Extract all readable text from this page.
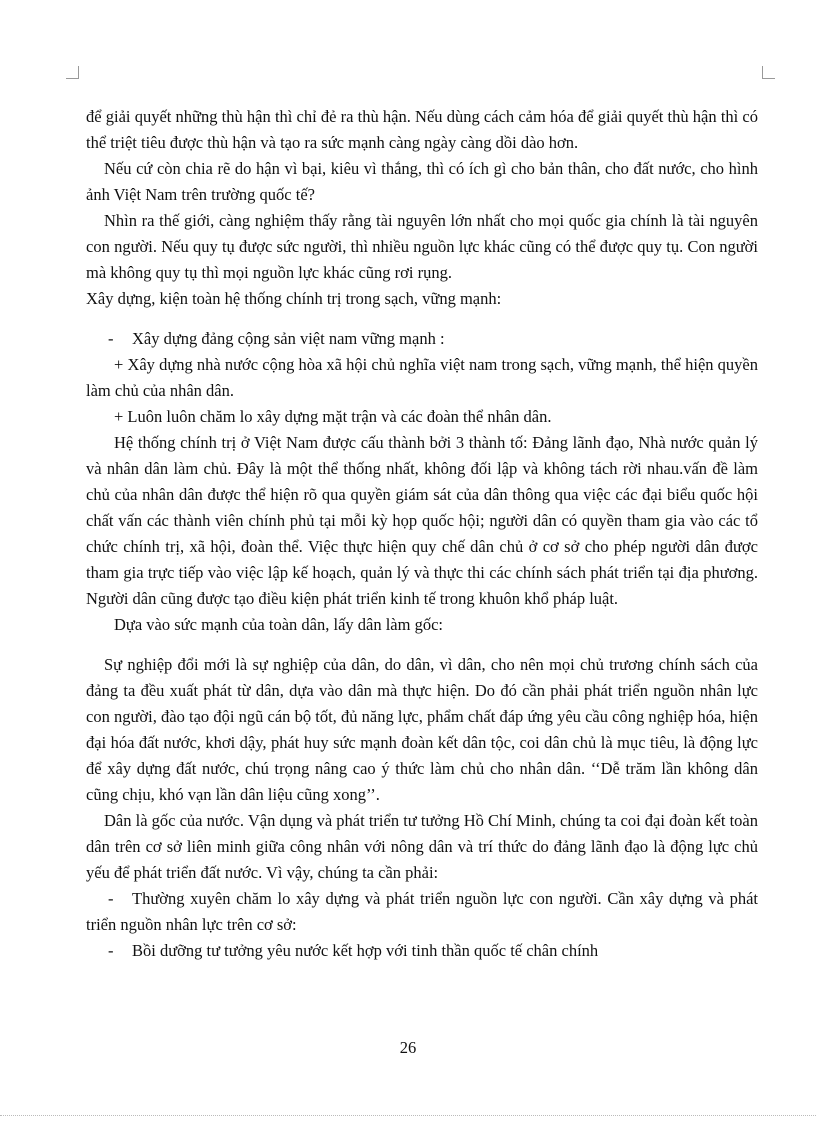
để giải quyết những thù hận thì chỉ đẻ ra thù hận. Nếu dùng cách cảm hóa để giải quyết thù hận thì có thể triệt tiêu được thù hận và tạo ra sức mạnh càng ngày càng dồi dào hơn.

Nếu cứ còn chia rẽ do hận vì bại, kiêu vì thắng, thì có ích gì cho bản thân, cho đất nước, cho hình ảnh Việt Nam trên trường quốc tế?

Nhìn ra thế giới, càng nghiệm thấy rằng tài nguyên lớn nhất cho mọi quốc gia chính là tài nguyên con người. Nếu quy tụ được sức người, thì nhiều nguồn lực khác cũng có thể được quy tụ. Con người mà không quy tụ thì mọi nguồn lực khác cũng rơi rụng.

Xây dựng, kiện toàn hệ thống chính trị trong sạch, vững mạnh:

- Xây dựng đảng cộng sản việt nam vững mạnh :

+ Xây dựng nhà nước cộng hòa xã hội chủ nghĩa việt nam trong sạch, vững mạnh, thể hiện quyền làm chủ của nhân dân.

+ Luôn luôn chăm lo xây dựng mặt trận và các đoàn thể nhân dân.

Hệ thống chính trị ở Việt Nam được cấu thành bởi 3 thành tố: Đảng lãnh đạo, Nhà nước quản lý và nhân dân làm chủ. Đây là một thể thống nhất, không đối lập và không tách rời nhau.vấn đề làm chủ của nhân dân được thể hiện rõ qua quyền giám sát của dân thông qua việc các đại biểu quốc hội chất vấn các thành viên chính phủ tại mỗi kỳ họp quốc hội; người dân có quyền tham gia vào các tổ chức chính trị, xã hội, đoàn thể. Việc thực hiện quy chế dân chủ ở cơ sở cho phép người dân được tham gia trực tiếp vào việc lập kế hoạch, quản lý và thực thi các chính sách phát triển tại địa phương. Người dân cũng được tạo điều kiện phát triển kinh tế trong khuôn khổ pháp luật.

Dựa vào sức mạnh của toàn dân, lấy dân làm gốc:

Sự nghiệp đổi mới là sự nghiệp của dân, do dân, vì dân, cho nên mọi chủ trương chính sách của đảng ta đều xuất phát từ dân, dựa vào dân mà thực hiện. Do đó cần phải phát triển nguồn nhân lực con người, đào tạo đội ngũ cán bộ tốt, đủ năng lực, phẩm chất đáp ứng yêu cầu công nghiệp hóa, hiện đại hóa đất nước, khơi dậy, phát huy sức mạnh đoàn kết dân tộc, coi dân chủ là mục tiêu, là động lực để xây dựng đất nước, chú trọng nâng cao ý thức làm chủ cho nhân dân. ‘‘Dễ trăm lần không dân cũng chịu, khó vạn lần dân liệu cũng xong’’.

Dân là gốc của nước. Vận dụng và phát triển tư tưởng Hồ Chí Minh, chúng ta coi đại đoàn kết toàn dân trên cơ sở liên minh giữa công nhân với nông dân và trí thức do đảng lãnh đạo là động lực chủ yếu để phát triển đất nước. Vì vậy, chúng ta cần phải:

- Thường xuyên chăm lo xây dựng và phát triển nguồn lực con người. Cần xây dựng và phát triển nguồn nhân lực trên cơ sở:

- Bồi dưỡng tư tưởng yêu nước kết hợp với tinh thần quốc tế chân chính

26
